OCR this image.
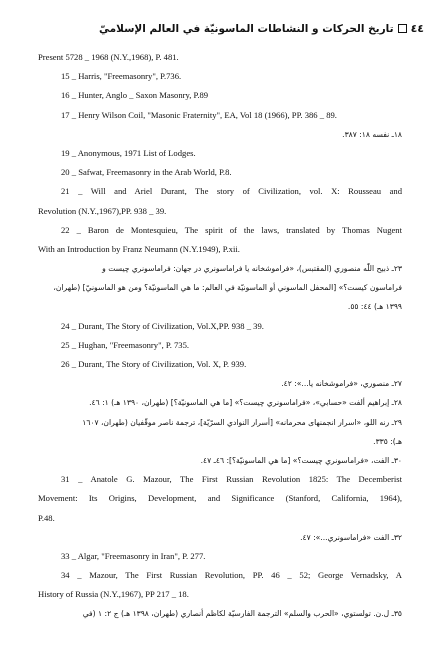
٤٤
تاريخ الحركات و النشاطات الماسونيّة في العالم الإسلاميّ
Present 5728 _ 1968 (N.Y.,1968), P. 481.
15 _ Harris, "Freemasonry", P.736.
16 _ Hunter, Anglo _ Saxon Masonry, P.89
17 _ Henry Wilson Coil, "Masonic Fraternity", EA, Vol 18 (1966), PP. 386 _ 89.
١٨ـ نفسه ١٨: ٣٨٧.
19 _ Anonymous, 1971 List of Lodges.
20 _ Safwat, Freemasonry in the Arab World, P.8.
21 _ Will and Ariel Durant, The story of Civilization, vol. X: Rousseau and
Revolution (N.Y.,1967),PP. 938 _ 39.
22 _ Baron de Montesquieu, The spirit of the laws, translated by Thomas Nugent
With an Introduction by Franz Neumann (N.Y.1949), P.xii.
٢٣ـ ذبيح اللّٰه منصوري (المقتبس)، «فراموشخانه يا فراماسونري در جهان: فراماسونري چيست و
فراماسون كيست؟» [المحفل الماسوني أو الماسونيّة في العالم: ما هي الماسونيّة؟ ومن هو الماسونيّ] (طهران،
١٣٩٩ هـ) ٤٤: ٥٥.
24 _ Durant, The Story of Civilization, Vol.X,PP. 938 _ 39.
25 _ Hughan, "Freemasonry", P. 735.
26 _ Durant, The Story of Civilization, Vol. X, P. 939.
٢٧ـ منصوري، «فراموشخانه يا...»: ٤٢.
٢٨ـ إبراهيم ألفت «حسابي»، «فراماسونري چيست؟» [ما هي الماسونيّة؟] (طهران، ١٣٩٠ هـ) ١: ٤٦.
٢٩ـ رنه اللو، «اسرار انجمنهاى محرمانه» [أسرار النوادي السرّيّة]، ترجمة ناصر موقّفيان (طهران، ١٦٠٧
هـ): ٣٣٥.
٣٠ـ الفت، «فراماسونري چيست؟» [ما هي الماسونيّة؟]: ٤٦ـ ٤٧.
31 _ Anatole G. Mazour, The First Russian Revolution 1825: The Decemberist
Movement: Its Origins, Development, and Significance (Stanford, California, 1964),
P.48.
٣٢ـ الفت «فراماسونري...»: ٤٧.
33 _ Algar, "Freemasonry in Iran", P. 277.
34 _ Mazour, The First Russian Revolution, PP. 46 _ 52; George Vernadsky, A
History of Russia (N.Y.,1967), PP 217 _ 18.
٣٥ـ ل.ن. تولستوي، «الحرب والسلم» الترجمة الفارسيّة لكاظم أنصاري (طهران، ١٣٩٨ هـ) ج ٢: ١ (في
